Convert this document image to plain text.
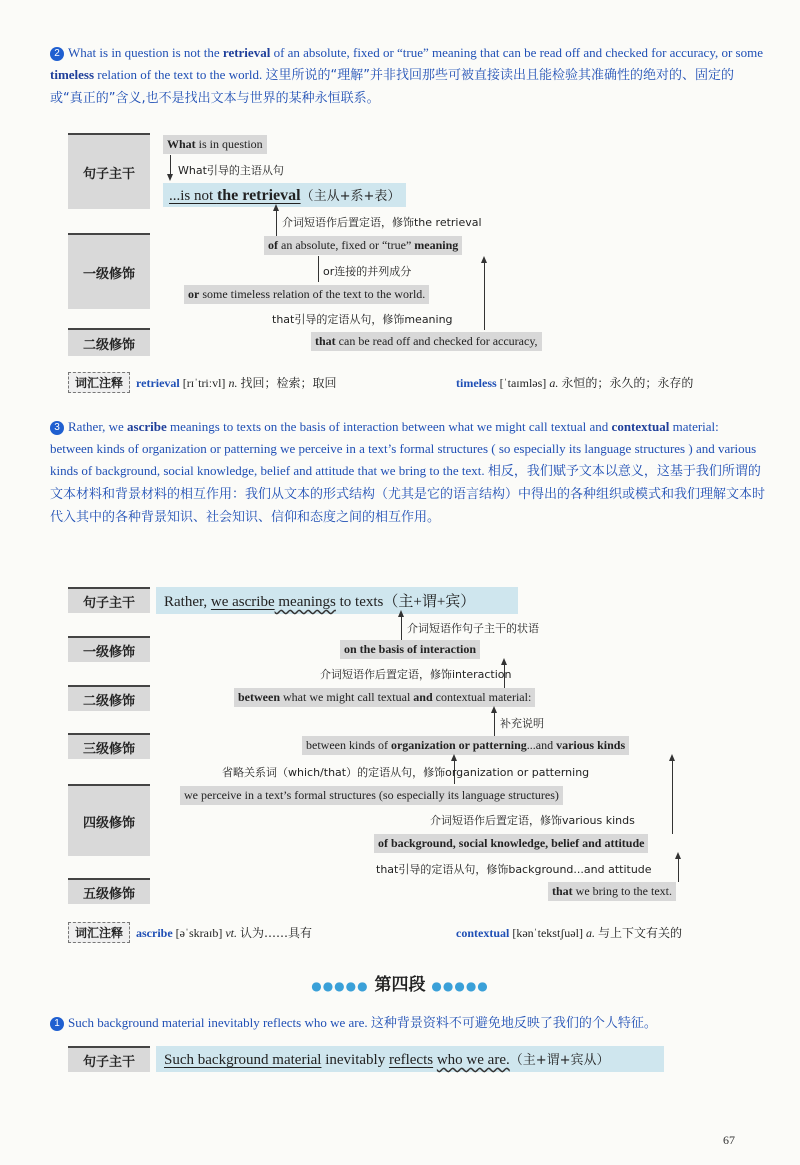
2 What is in question is not the retrieval of an absolute, fixed or “true” meaning that can be read off and checked for accuracy, or some timeless relation of the text to the world. 这里所说的“理解”并非找回那些可被直接读出且能检验其准确性的绝对的、固定的或“真正的”含义,也不是找出文本与世界的某种永恒联系。
句子主干
一级修饰
二级修饰
What is in question
What引导的主语从句
...is not the retrieval（主从+系+表）
介词短语作后置定语，修饰the retrieval
of an absolute, fixed or “true” meaning
or连接的并列成分
or some timeless relation of the text to the world.
that引导的定语从句，修饰meaning
that can be read off and checked for accuracy,
词汇注释 retrieval [rɪˈtriːvl] n. 找回；检索；取回	timeless [ˈtaɪmləs] a. 永恒的；永久的；永存的
3 Rather, we ascribe meanings to texts on the basis of interaction between what we might call textual and contextual material: between kinds of organization or patterning we perceive in a text’s formal structures ( so especially its language structures ) and various kinds of background, social knowledge, belief and attitude that we bring to the text. 相反，我们赋予文本以意义，这基于我们所谓的文本材料和背景材料的相互作用：我们从文本的形式结构（尤其是它的语言结构）中得出的各种组织或模式和我们理解文本时代入其中的各种背景知识、社会知识、信仰和态度之间的相互作用。
句子主干
一级修饰
二级修饰
三级修饰
四级修饰
五级修饰
Rather, we ascribe meanings to texts（主+谓+宾）
介词短语作句子主干的状语
on the basis of interaction
介词短语作后置定语，修饰interaction
between what we might call textual and contextual material:
补充说明
between kinds of organization or patterning...and various kinds
省略关系词（which/that）的定语从句，修饰organization or patterning
we perceive in a text’s formal structures (so especially its language structures)
介词短语作后置定语，修饰various kinds
of background, social knowledge, belief and attitude
that引导的定语从句，修饰background...and attitude
that we bring to the text.
词汇注释 ascribe [əˈskraɪb] vt. 认为……具有	contextual [kənˈtekstʃuəl] a. 与上下文有关的
●●●●● 第四段 ●●●●●
1 Such background material inevitably reflects who we are. 这种背景资料不可避免地反映了我们的个人特征。
句子主干	Such background material inevitably reflects who we are.（主+谓+宾从）
67
